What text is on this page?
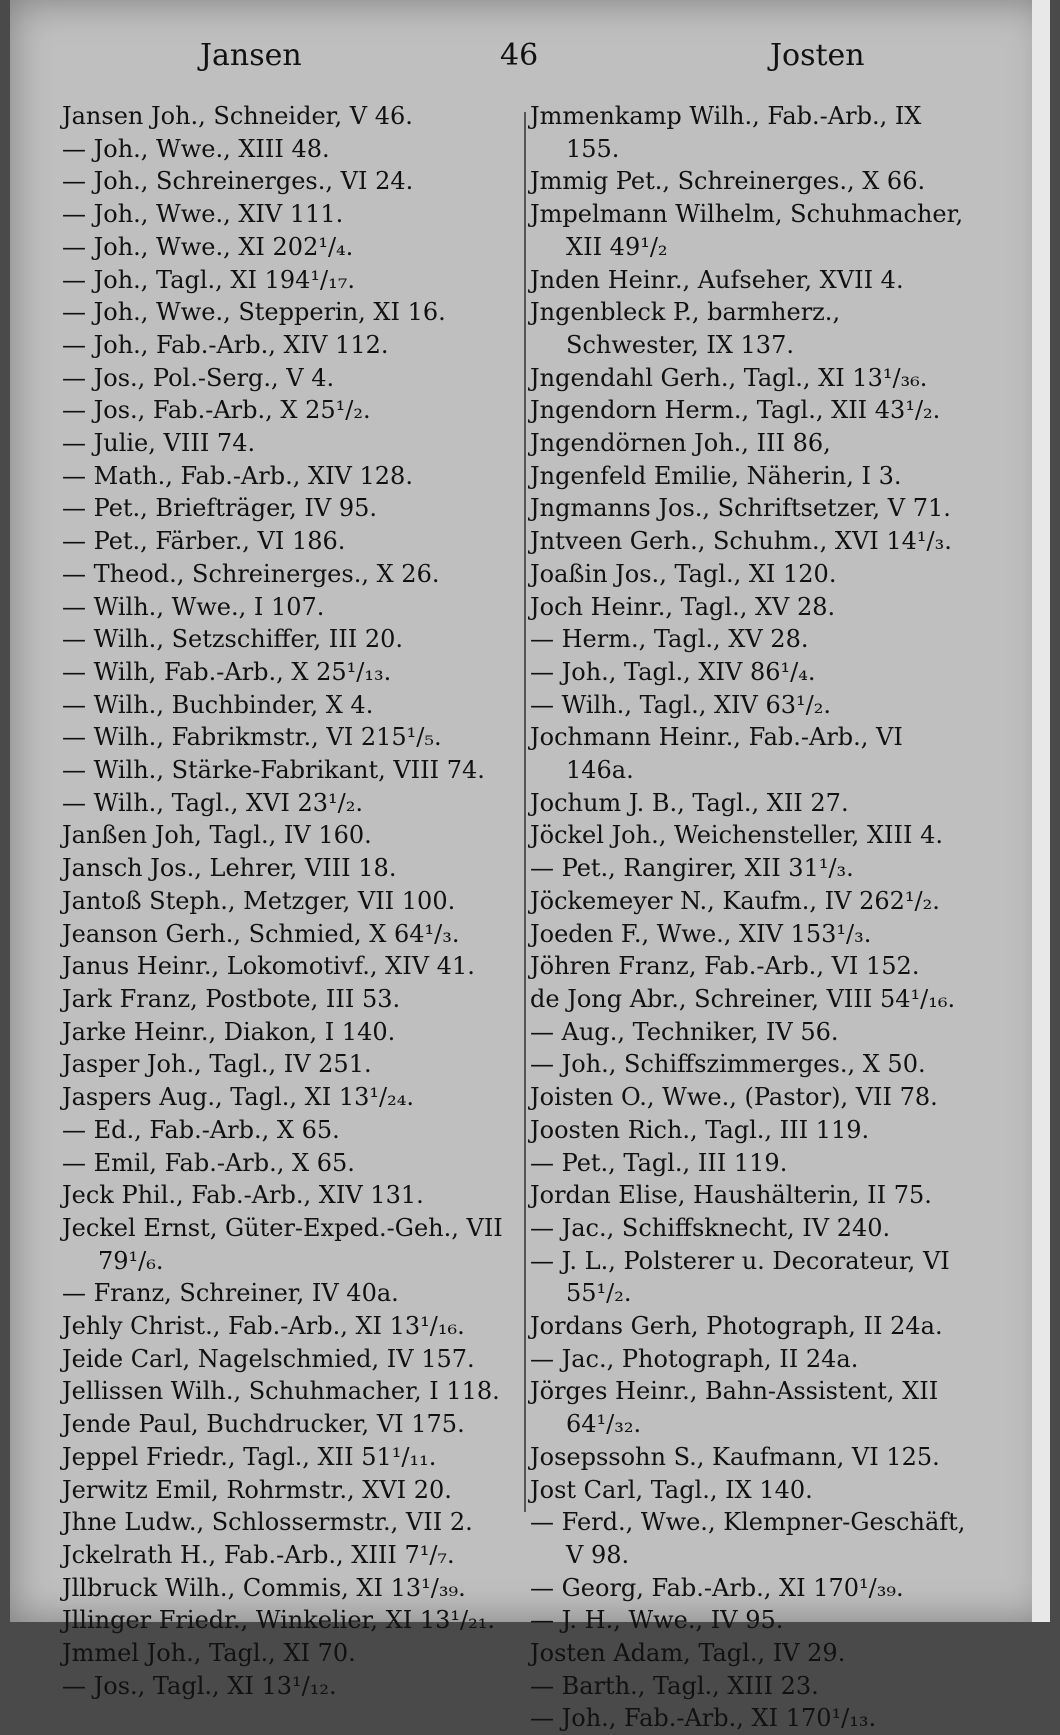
Jansen	46	Josten
Jansen Joh., Schneider, V 46.
— Joh., Wwe., XIII 48.
— Joh., Schreinerges., VI 24.
— Joh., Wwe., XIV 111.
— Joh., Wwe., XI 202¹/₄.
— Joh., Tagl., XI 194¹/₁₇.
— Joh., Wwe., Stepperin, XI 16.
— Joh., Fab.-Arb., XIV 112.
— Jos., Pol.-Serg., V 4.
— Jos., Fab.-Arb., X 25¹/₂.
— Julie, VIII 74.
— Math., Fab.-Arb., XIV 128.
— Pet., Briefträger, IV 95.
— Pet., Färber., VI 186.
— Theod., Schreinerges., X 26.
— Wilh., Wwe., I 107.
— Wilh., Setzschiffer, III 20.
— Wilh, Fab.-Arb., X 25¹/₁₃.
— Wilh., Buchbinder, X 4.
— Wilh., Fabrikmstr., VI 215¹/₅.
— Wilh., Stärke-Fabrikant, VIII 74.
— Wilh., Tagl., XVI 23¹/₂.
Janßen Joh, Tagl., IV 160.
Jansch Jos., Lehrer, VIII 18.
Jantoß Steph., Metzger, VII 100.
Jeanson Gerh., Schmied, X 64¹/₃.
Janus Heinr., Lokomotivf., XIV 41.
Jark Franz, Postbote, III 53.
Jarke Heinr., Diakon, I 140.
Jasper Joh., Tagl., IV 251.
Jaspers Aug., Tagl., XI 13¹/₂₄.
— Ed., Fab.-Arb., X 65.
— Emil, Fab.-Arb., X 65.
Jeck Phil., Fab.-Arb., XIV 131.
Jeckel Ernst, Güter-Exped.-Geh., VII 79¹/₆.
— Franz, Schreiner, IV 40a.
Jehly Christ., Fab.-Arb., XI 13¹/₁₆.
Jeide Carl, Nagelschmied, IV 157.
Jellissen Wilh., Schuhmacher, I 118.
Jende Paul, Buchdrucker, VI 175.
Jeppel Friedr., Tagl., XII 51¹/₁₁.
Jerwitz Emil, Rohrmstr., XVI 20.
Jhne Ludw., Schlossermstr., VII 2.
Jckelrath H., Fab.-Arb., XIII 7¹/₇.
Jllbruck Wilh., Commis, XI 13¹/₃₉.
Jllinger Friedr., Winkelier, XI 13¹/₂₁.
Jmmel Joh., Tagl., XI 70.
— Jos., Tagl., XI 13¹/₁₂.
Jmmenkamp Wilh., Fab.-Arb., IX 155.
Jmmig Pet., Schreinerges., X 66.
Jmpelmann Wilhelm, Schuhmacher, XII 49¹/₂
Jnden Heinr., Aufseher, XVII 4.
Jngenbleck P., barmherz., Schwester, IX 137.
Jngendahl Gerh., Tagl., XI 13¹/₃₆.
Jngendorn Herm., Tagl., XII 43¹/₂.
Jngendörnen Joh., III 86,
Jngenfeld Emilie, Näherin, I 3.
Jngmanns Jos., Schriftsetzer, V 71.
Jntveen Gerh., Schuhm., XVI 14¹/₃.
Joaßin Jos., Tagl., XI 120.
Joch Heinr., Tagl., XV 28.
— Herm., Tagl., XV 28.
— Joh., Tagl., XIV 86¹/₄.
— Wilh., Tagl., XIV 63¹/₂.
Jochmann Heinr., Fab.-Arb., VI 146a.
Jochum J. B., Tagl., XII 27.
Jöckel Joh., Weichensteller, XIII 4.
— Pet., Rangirer, XII 31¹/₃.
Jöckemeyer N., Kaufm., IV 262¹/₂.
Joeden F., Wwe., XIV 153¹/₃.
Jöhren Franz, Fab.-Arb., VI 152.
de Jong Abr., Schreiner, VIII 54¹/₁₆.
— Aug., Techniker, IV 56.
— Joh., Schiffszimmerges., X 50.
Joisten O., Wwe., (Pastor), VII 78.
Joosten Rich., Tagl., III 119.
— Pet., Tagl., III 119.
Jordan Elise, Haushälterin, II 75.
— Jac., Schiffsknecht, IV 240.
— J. L., Polsterer u. Decorateur, VI 55¹/₂.
Jordans Gerh, Photograph, II 24a.
— Jac., Photograph, II 24a.
Jörges Heinr., Bahn-Assistent, XII 64¹/₃₂.
Josepssohn S., Kaufmann, VI 125.
Jost Carl, Tagl., IX 140.
— Ferd., Wwe., Klempner-Geschäft, V 98.
— Georg, Fab.-Arb., XI 170¹/₃₉.
— J. H., Wwe., IV 95.
Josten Adam, Tagl., IV 29.
— Barth., Tagl., XIII 23.
— Joh., Fab.-Arb., XI 170¹/₁₃.
